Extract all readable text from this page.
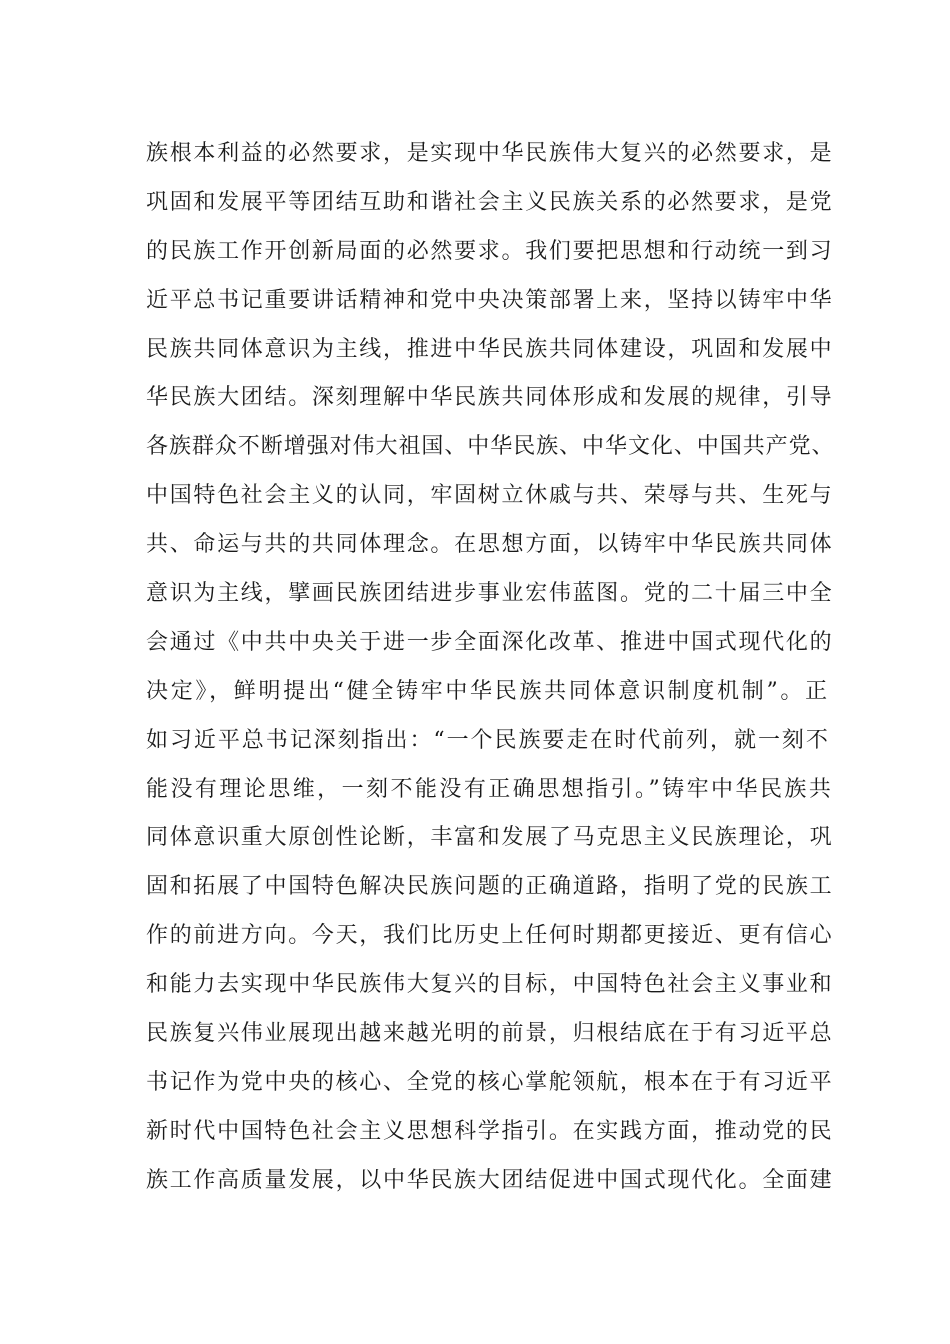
族根本利益的必然要求，是实现中华民族伟大复兴的必然要求，是
巩固和发展平等团结互助和谐社会主义民族关系的必然要求，是党
的民族工作开创新局面的必然要求。我们要把思想和行动统一到习
近平总书记重要讲话精神和党中央决策部署上来，坚持以铸牢中华
民族共同体意识为主线，推进中华民族共同体建设，巩固和发展中
华民族大团结。深刻理解中华民族共同体形成和发展的规律，引导
各族群众不断增强对伟大祖国、中华民族、中华文化、中国共产党、
中国特色社会主义的认同，牢固树立休戚与共、荣辱与共、生死与
共、命运与共的共同体理念。在思想方面，以铸牢中华民族共同体
意识为主线，擘画民族团结进步事业宏伟蓝图。党的二十届三中全
会通过《中共中央关于进一步全面深化改革、推进中国式现代化的
决定》，鲜明提出“健全铸牢中华民族共同体意识制度机制”。正
如习近平总书记深刻指出：“一个民族要走在时代前列，就一刻不
能没有理论思维，一刻不能没有正确思想指引。”铸牢中华民族共
同体意识重大原创性论断，丰富和发展了马克思主义民族理论，巩
固和拓展了中国特色解决民族问题的正确道路，指明了党的民族工
作的前进方向。今天，我们比历史上任何时期都更接近、更有信心
和能力去实现中华民族伟大复兴的目标，中国特色社会主义事业和
民族复兴伟业展现出越来越光明的前景，归根结底在于有习近平总
书记作为党中央的核心、全党的核心掌舵领航，根本在于有习近平
新时代中国特色社会主义思想科学指引。在实践方面，推动党的民
族工作高质量发展，以中华民族大团结促进中国式现代化。全面建
